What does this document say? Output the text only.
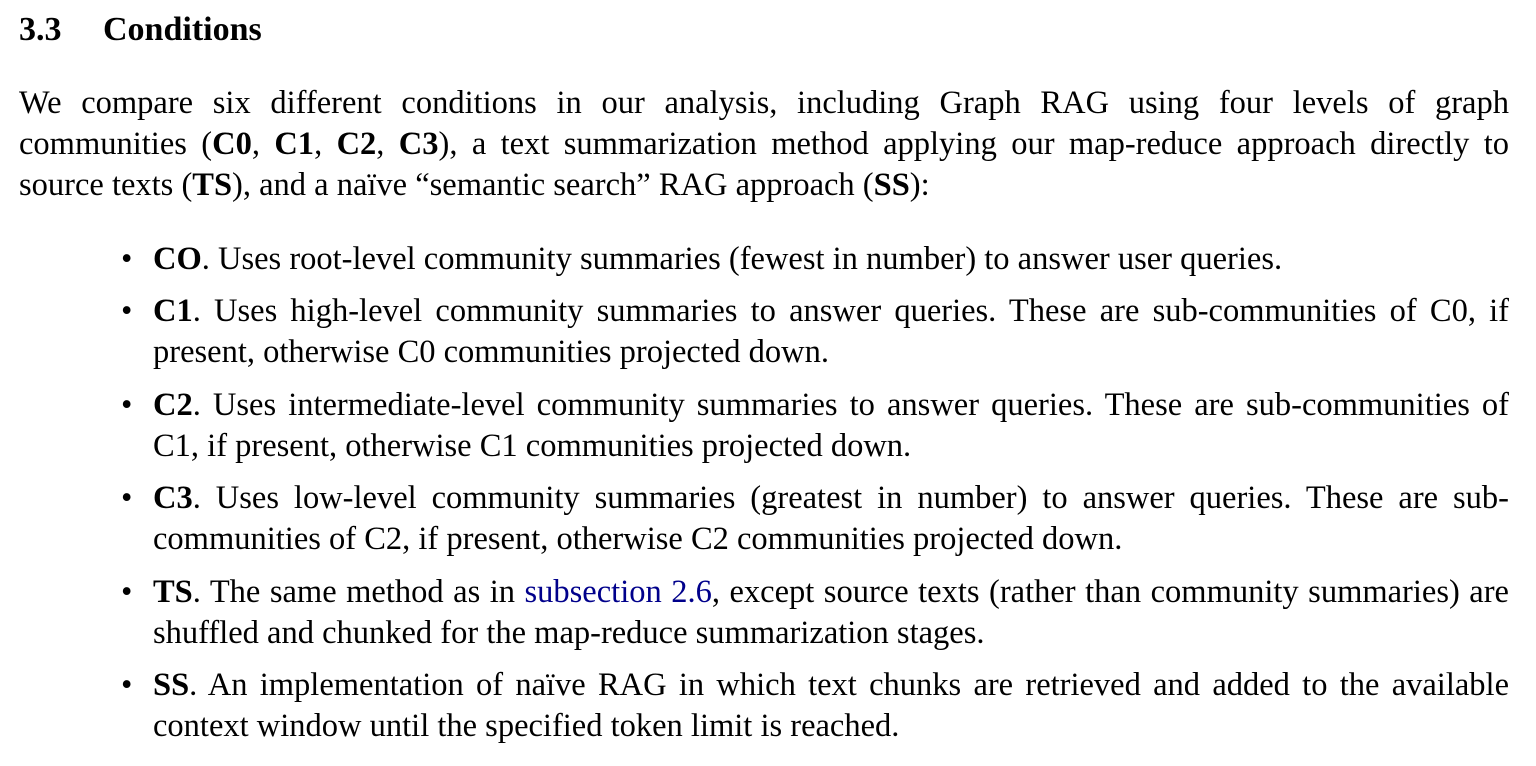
3.3 Conditions

We compare six different conditions in our analysis, including Graph RAG using four levels of graph communities (C0, C1, C2, C3), a text summarization method applying our map-reduce approach directly to source texts (TS), and a naïve “semantic search” RAG approach (SS):

• CO. Uses root-level community summaries (fewest in number) to answer user queries.
• C1. Uses high-level community summaries to answer queries. These are sub-communities of C0, if present, otherwise C0 communities projected down.
• C2. Uses intermediate-level community summaries to answer queries. These are sub-communities of C1, if present, otherwise C1 communities projected down.
• C3. Uses low-level community summaries (greatest in number) to answer queries. These are sub-communities of C2, if present, otherwise C2 communities projected down.
• TS. The same method as in subsection 2.6, except source texts (rather than community summaries) are shuffled and chunked for the map-reduce summarization stages.
• SS. An implementation of naïve RAG in which text chunks are retrieved and added to the available context window until the specified token limit is reached.
